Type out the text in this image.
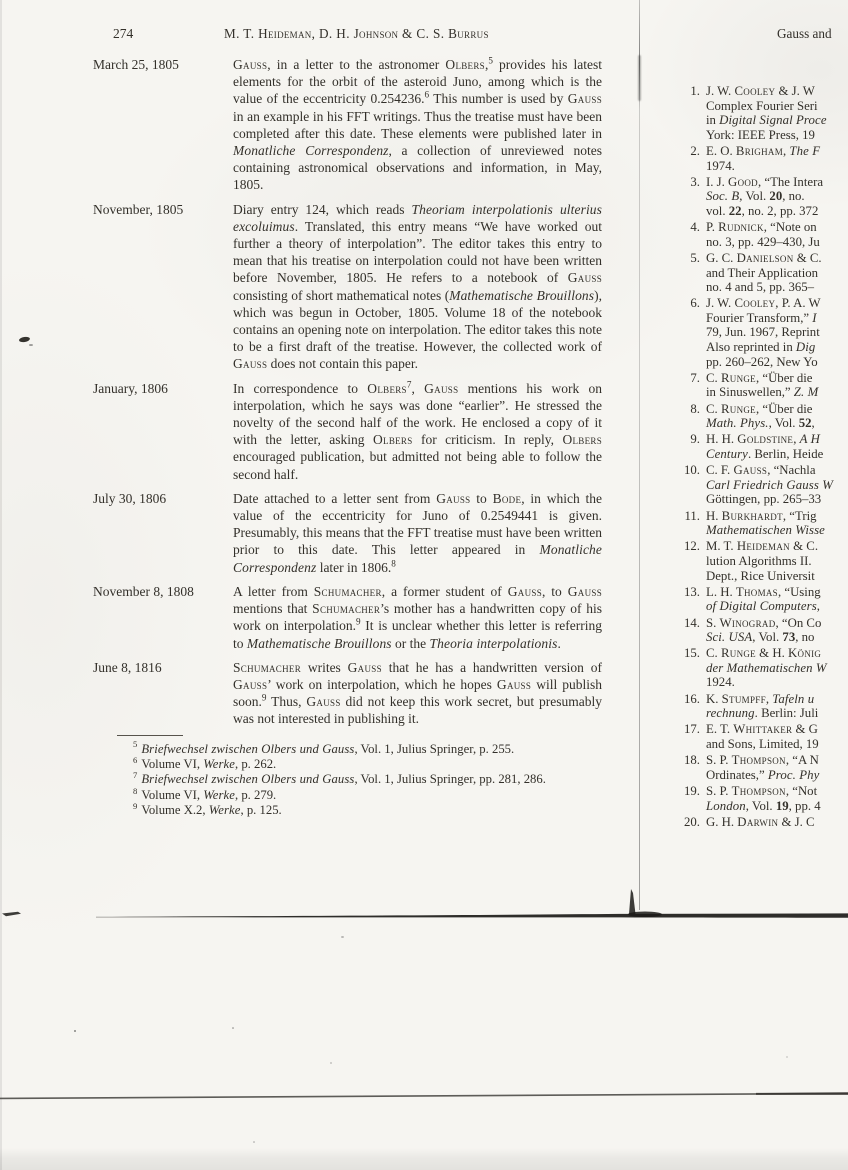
274	M. T. Heideman, D. H. Johnson & C. S. Burrus
March 25, 1805	Gauss, in a letter to the astronomer Olbers,$^5$ provides his latest elements for the orbit of the asteroid Juno, among which is the value of the eccentricity 0.254236.$^6$ This number is used by Gauss in an example in his FFT writings. Thus the treatise must have been completed after this date. These elements were published later in Monatliche Correspondenz, a collection of unreviewed notes containing astronomical observations and information, in May, 1805.
November, 1805	Diary entry 124, which reads Theoriam interpolationis ulterius excoluimus. Translated, this entry means “We have worked out further a theory of interpolation”. The editor takes this entry to mean that his treatise on interpolation could not have been written before November, 1805. He refers to a notebook of Gauss consisting of short mathematical notes (Mathematische Brouillons), which was begun in October, 1805. Volume 18 of the notebook contains an opening note on interpolation. The editor takes this note to be a first draft of the treatise. However, the collected work of Gauss does not contain this paper.
January, 1806	In correspondence to Olbers$^7$, Gauss mentions his work on interpolation, which he says was done “earlier”. He stressed the novelty of the second half of the work. He enclosed a copy of it with the letter, asking Olbers for criticism. In reply, Olbers encouraged publication, but admitted not being able to follow the second half.
July 30, 1806	Date attached to a letter sent from Gauss to Bode, in which the value of the eccentricity for Juno of 0.2549441 is given. Presumably, this means that the FFT treatise must have been written prior to this date. This letter appeared in Monatliche Correspondenz later in 1806.$^8$
November 8, 1808	A letter from Schumacher, a former student of Gauss, to Gauss mentions that Schumacher’s mother has a handwritten copy of his work on interpolation.$^9$ It is unclear whether this letter is referring to Mathematische Brouillons or the Theoria interpolationis.
June 8, 1816	Schumacher writes Gauss that he has a handwritten version of Gauss’ work on interpolation, which he hopes Gauss will publish soon.$^9$ Thus, Gauss did not keep this work secret, but presumably was not interested in publishing it.
$^5$ Briefwechsel zwischen Olbers und Gauss, Vol. 1, Julius Springer, p. 255.
$^6$ Volume VI, Werke, p. 262.
$^7$ Briefwechsel zwischen Olbers und Gauss, Vol. 1, Julius Springer, pp. 281, 286.
$^8$ Volume VI, Werke, p. 279.
$^9$ Volume X.2, Werke, p. 125.
Gauss and
1. J. W. Cooley & J. W
Complex Fourier Seri
in Digital Signal Proce
York: IEEE Press, 19
2. E. O. Brigham, The F
1974.
3. I. J. Good, “The Intera
Soc. B, Vol. 20, no.
vol. 22, no. 2, pp. 372
4. P. Rudnick, “Note on
no. 3, pp. 429–430, Ju
5. G. C. Danielson & C.
and Their Application
no. 4 and 5, pp. 365–
6. J. W. Cooley, P. A. W
Fourier Transform,” I
79, Jun. 1967, Reprint
Also reprinted in Dig
pp. 260–262, New Yo
7. C. Runge, “Über die
in Sinuswellen,” Z. M
8. C. Runge, “Über die
Math. Phys., Vol. 52,
9. H. H. Goldstine, A H
Century. Berlin, Heide
10. C. F. Gauss, “Nachla
Carl Friedrich Gauss W
Göttingen, pp. 265–33
11. H. Burkhardt, “Trig
Mathematischen Wisse
12. M. T. Heideman & C.
lution Algorithms II.
Dept., Rice Universit
13. L. H. Thomas, “Using
of Digital Computers,
14. S. Winograd, “On Co
Sci. USA, Vol. 73, no
15. C. Runge & H. König
der Mathematischen W
1924.
16. K. Stumpff, Tafeln u
rechnung. Berlin: Juli
17. E. T. Whittaker & G
and Sons, Limited, 19
18. S. P. Thompson, “A N
Ordinates,” Proc. Phy
19. S. P. Thompson, “Not
London, Vol. 19, pp. 4
20. G. H. Darwin & J. C
